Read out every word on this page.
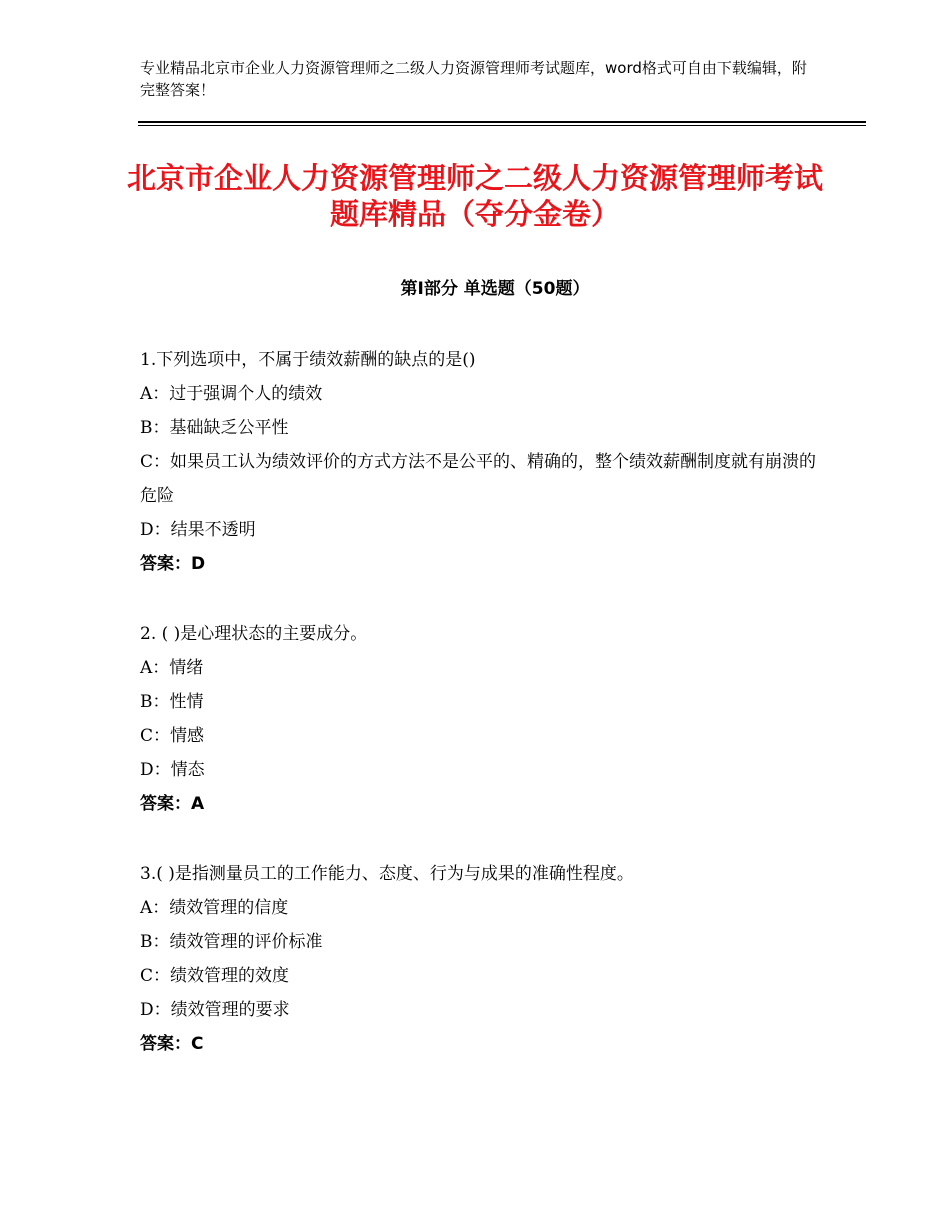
专业精品北京市企业人力资源管理师之二级人力资源管理师考试题库，word格式可自由下载编辑，附完整答案！
北京市企业人力资源管理师之二级人力资源管理师考试题库精品（夺分金卷）
第Ⅰ部分 单选题（50题）
1.下列选项中，不属于绩效薪酬的缺点的是()
A：过于强调个人的绩效
B：基础缺乏公平性
C：如果员工认为绩效评价的方式方法不是公平的、精确的，整个绩效薪酬制度就有崩溃的危险
D：结果不透明
答案：D
2. ( )是心理状态的主要成分。
A：情绪
B：性情
C：情感
D：情态
答案：A
3.( )是指测量员工的工作能力、态度、行为与成果的准确性程度。
A：绩效管理的信度
B：绩效管理的评价标准
C：绩效管理的效度
D：绩效管理的要求
答案：C
